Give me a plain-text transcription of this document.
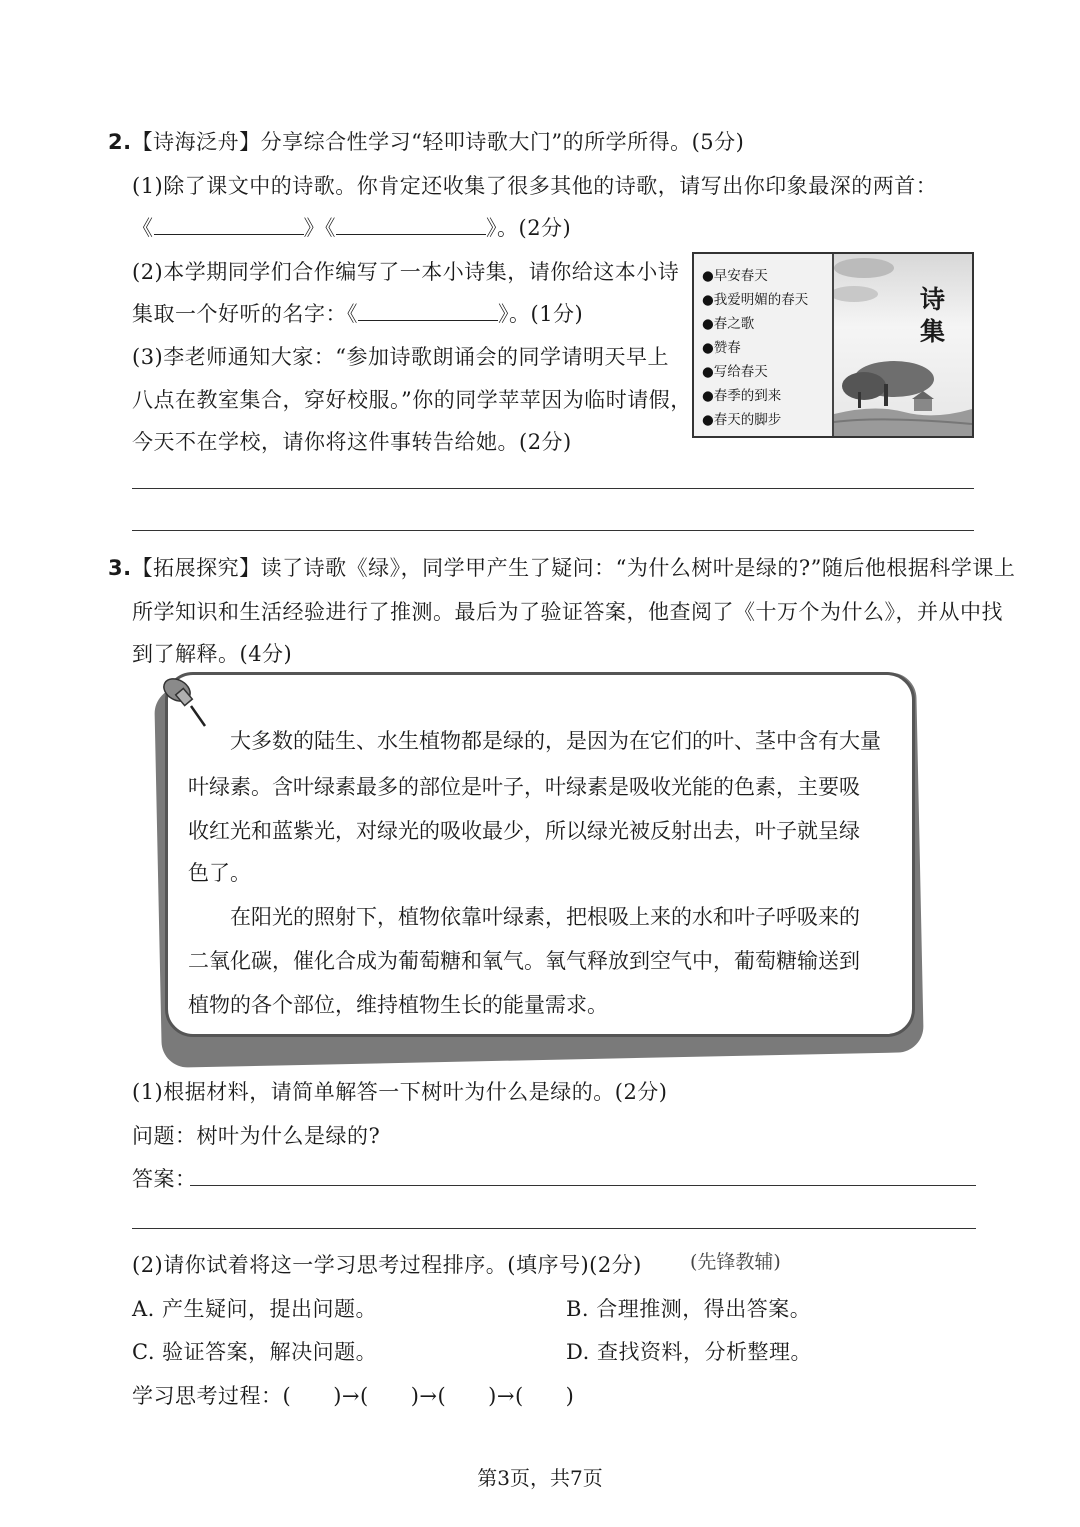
2.【诗海泛舟】分享综合性学习“轻叩诗歌大门”的所学所得。(5分)
(1)除了课文中的诗歌。你肯定还收集了很多其他的诗歌，请写出你印象最深的两首：
《	》《	》。(2分)
(2)本学期同学们合作编写了一本小诗集，请你给这本小诗
集取一个好听的名字：《	》。(1分)
(3)李老师通知大家：“参加诗歌朗诵会的同学请明天早上
八点在教室集合，穿好校服。”你的同学苹苹因为临时请假，
今天不在学校，请你将这件事转告给她。(2分)
●早安春天
●我爱明媚的春天
●春之歌
●赞春
●写给春天
●春季的到来
●春天的脚步
诗
集
3.【拓展探究】读了诗歌《绿》，同学甲产生了疑问：“为什么树叶是绿的?”随后他根据科学课上
所学知识和生活经验进行了推测。最后为了验证答案，他查阅了《十万个为什么》，并从中找
到了解释。(4分)
　　大多数的陆生、水生植物都是绿的，是因为在它们的叶、茎中含有大量
叶绿素。含叶绿素最多的部位是叶子，叶绿素是吸收光能的色素，主要吸
收红光和蓝紫光，对绿光的吸收最少，所以绿光被反射出去，叶子就呈绿
色了。
　　在阳光的照射下，植物依靠叶绿素，把根吸上来的水和叶子呼吸来的
二氧化碳，催化合成为葡萄糖和氧气。氧气释放到空气中，葡萄糖输送到
植物的各个部位，维持植物生长的能量需求。
(1)根据材料，请简单解答一下树叶为什么是绿的。(2分)
问题：树叶为什么是绿的?
答案：
(2)请你试着将这一学习思考过程排序。(填序号)(2分)	(先锋教辅)
A. 产生疑问，提出问题。	B. 合理推测，得出答案。
C. 验证答案，解决问题。	D. 查找资料，分析整理。
学习思考过程：( )→( )→( )→( )
第3页，共7页
